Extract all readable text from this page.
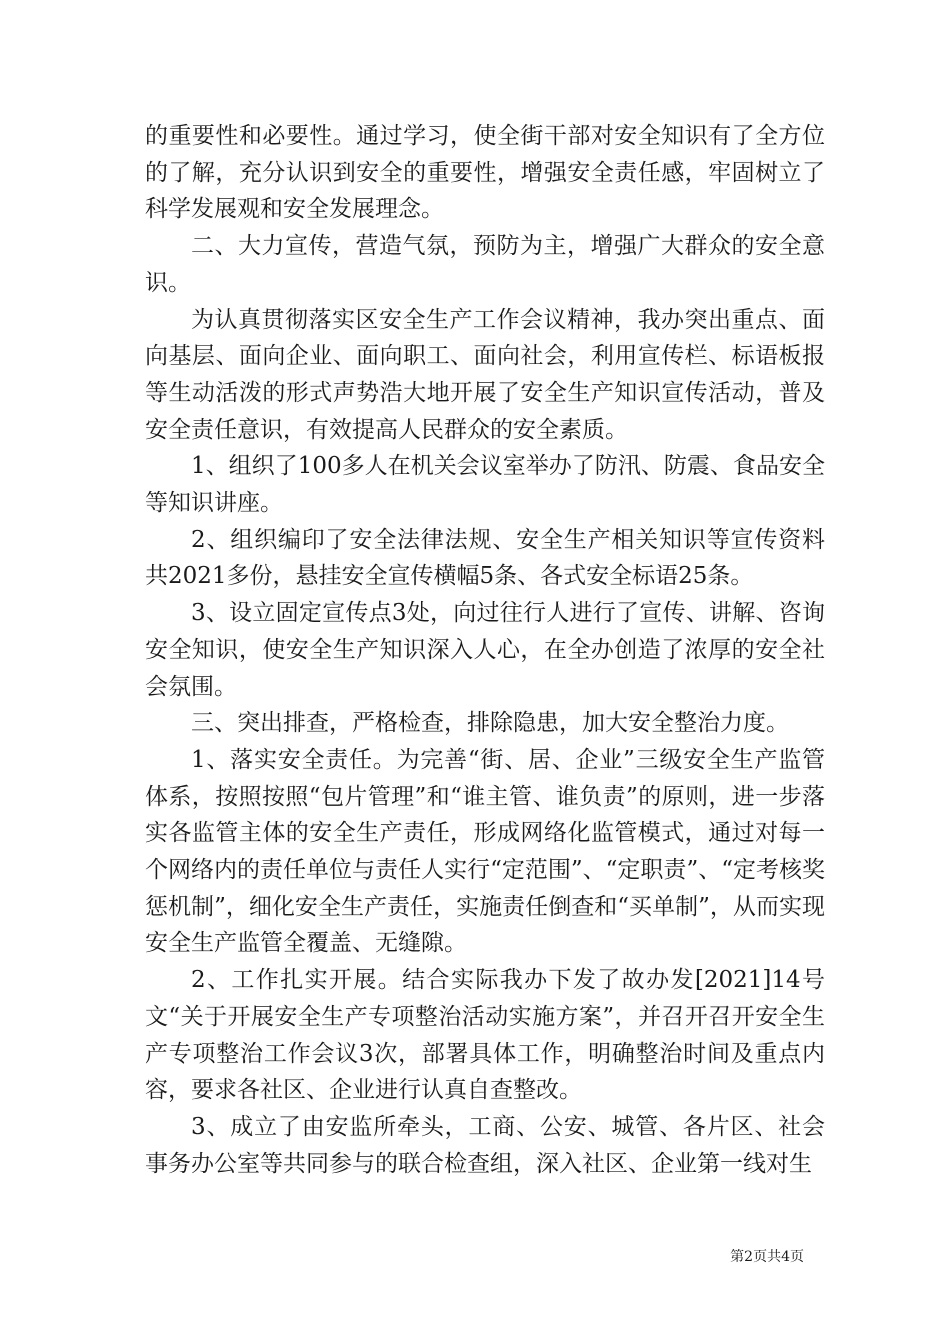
的重要性和必要性。通过学习，使全街干部对安全知识有了全方位的了解，充分认识到安全的重要性，增强安全责任感，牢固树立了科学发展观和安全发展理念。

二、大力宣传，营造气氛，预防为主，增强广大群众的安全意识。

为认真贯彻落实区安全生产工作会议精神，我办突出重点、面向基层、面向企业、面向职工、面向社会，利用宣传栏、标语板报等生动活泼的形式声势浩大地开展了安全生产知识宣传活动，普及安全责任意识，有效提高人民群众的安全素质。

1、组织了100多人在机关会议室举办了防汛、防震、食品安全等知识讲座。

2、组织编印了安全法律法规、安全生产相关知识等宣传资料共2021多份，悬挂安全宣传横幅5条、各式安全标语25条。

3、设立固定宣传点3处，向过往行人进行了宣传、讲解、咨询安全知识，使安全生产知识深入人心，在全办创造了浓厚的安全社会氛围。

三、突出排查，严格检查，排除隐患，加大安全整治力度。

1、落实安全责任。为完善“街、居、企业”三级安全生产监管体系，按照按照“包片管理”和“谁主管、谁负责”的原则，进一步落实各监管主体的安全生产责任，形成网络化监管模式，通过对每一个网络内的责任单位与责任人实行“定范围”、“定职责”、“定考核奖惩机制”，细化安全生产责任，实施责任倒查和“买单制”，从而实现安全生产监管全覆盖、无缝隙。

2、工作扎实开展。结合实际我办下发了故办发[2021]14号文“关于开展安全生产专项整治活动实施方案”，并召开召开安全生产专项整治工作会议3次，部署具体工作，明确整治时间及重点内容，要求各社区、企业进行认真自查整改。

3、成立了由安监所牵头，工商、公安、城管、各片区、社会事务办公室等共同参与的联合检查组，深入社区、企业第一线对生

第2页共4页
